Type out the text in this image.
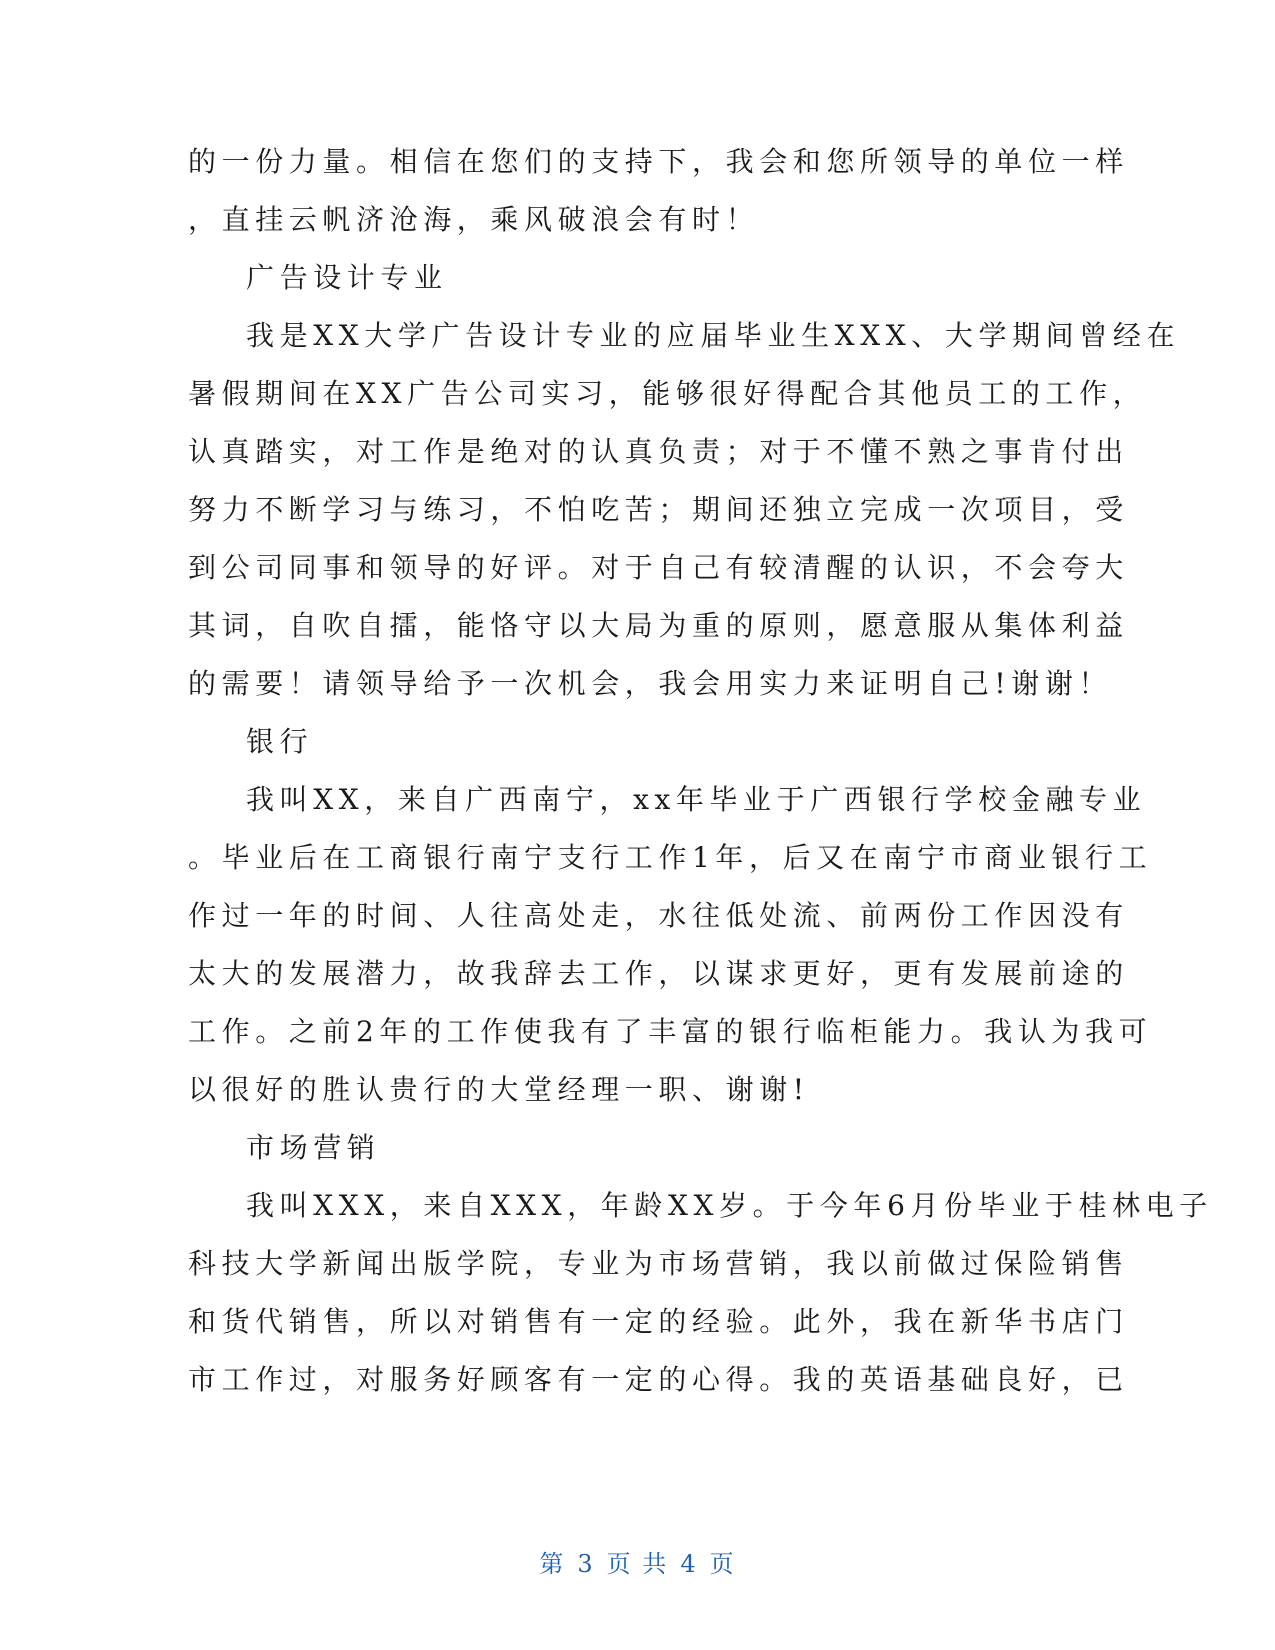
的一份力量。相信在您们的支持下，我会和您所领导的单位一样
，直挂云帆济沧海，乘风破浪会有时！
广告设计专业
我是XX大学广告设计专业的应届毕业生XXX、大学期间曾经在
暑假期间在XX广告公司实习，能够很好得配合其他员工的工作，
认真踏实，对工作是绝对的认真负责；对于不懂不熟之事肯付出
努力不断学习与练习，不怕吃苦；期间还独立完成一次项目，受
到公司同事和领导的好评。对于自己有较清醒的认识，不会夸大
其词，自吹自擂，能恪守以大局为重的原则，愿意服从集体利益
的需要！请领导给予一次机会，我会用实力来证明自己!谢谢！
银行
我叫XX，来自广西南宁，xx年毕业于广西银行学校金融专业
。毕业后在工商银行南宁支行工作1年，后又在南宁市商业银行工
作过一年的时间、人往高处走，水往低处流、前两份工作因没有
太大的发展潜力，故我辞去工作，以谋求更好，更有发展前途的
工作。之前2年的工作使我有了丰富的银行临柜能力。我认为我可
以很好的胜认贵行的大堂经理一职、谢谢!
市场营销
我叫XXX，来自XXX，年龄XX岁。于今年6月份毕业于桂林电子
科技大学新闻出版学院，专业为市场营销，我以前做过保险销售
和货代销售，所以对销售有一定的经验。此外，我在新华书店门
市工作过，对服务好顾客有一定的心得。我的英语基础良好，已
第 3 页 共 4 页
